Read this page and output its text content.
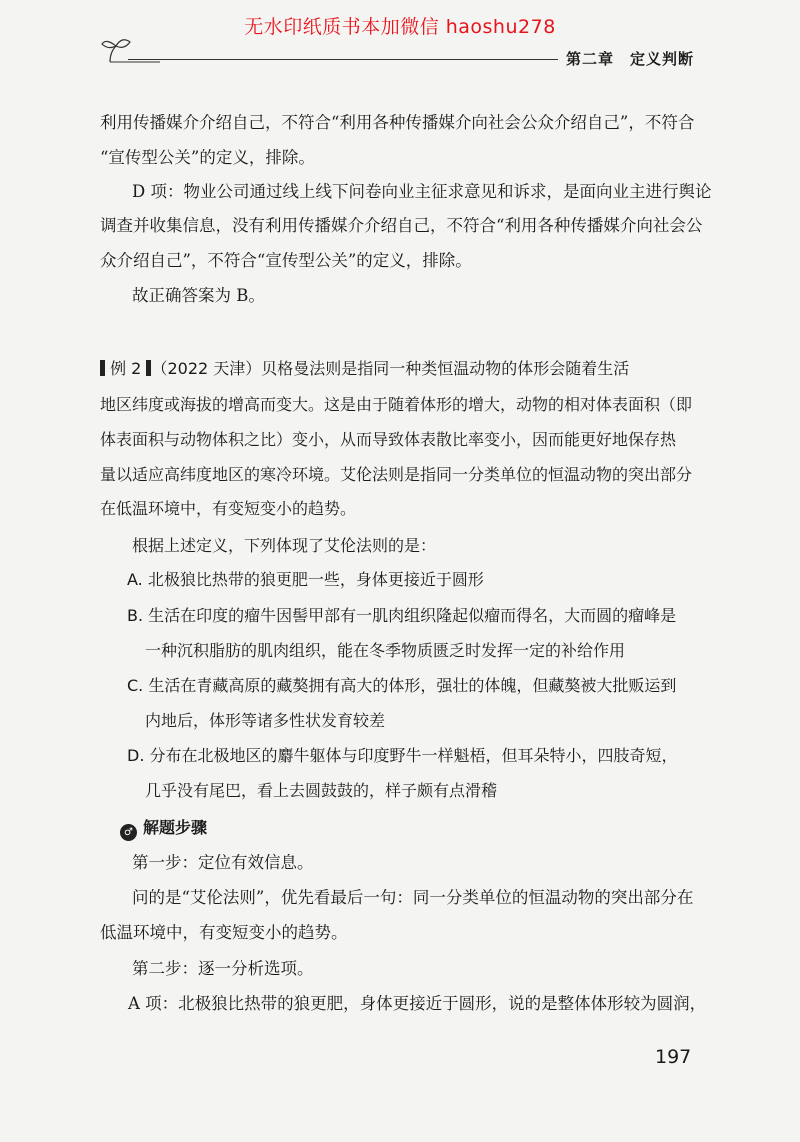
无水印纸质书本加微信 haoshu278
第二章 定义判断
利用传播媒介介绍自己，不符合“利用各种传播媒介向社会公众介绍自己”，不符合
“宣传型公关”的定义，排除。
D 项：物业公司通过线上线下问卷向业主征求意见和诉求，是面向业主进行舆论
调查并收集信息，没有利用传播媒介介绍自己，不符合“利用各种传播媒介向社会公
众介绍自己”，不符合“宣传型公关”的定义，排除。
故正确答案为 B。
例 2 （2022 天津）贝格曼法则是指同一种类恒温动物的体形会随着生活
地区纬度或海拔的增高而变大。这是由于随着体形的增大，动物的相对体表面积（即
体表面积与动物体积之比）变小，从而导致体表散比率变小，因而能更好地保存热
量以适应高纬度地区的寒冷环境。艾伦法则是指同一分类单位的恒温动物的突出部分
在低温环境中，有变短变小的趋势。
根据上述定义，下列体现了艾伦法则的是：
A. 北极狼比热带的狼更肥一些，身体更接近于圆形
B. 生活在印度的瘤牛因髻甲部有一肌肉组织隆起似瘤而得名，大而圆的瘤峰是
一种沉积脂肪的肌肉组织，能在冬季物质匮乏时发挥一定的补给作用
C. 生活在青藏高原的藏獒拥有高大的体形，强壮的体魄，但藏獒被大批贩运到
内地后，体形等诸多性状发育较差
D. 分布在北极地区的麝牛躯体与印度野牛一样魁梧，但耳朵特小，四肢奇短，
几乎没有尾巴，看上去圆鼓鼓的，样子颇有点滑稽
♂ 解题步骤
第一步：定位有效信息。
问的是“艾伦法则”，优先看最后一句：同一分类单位的恒温动物的突出部分在
低温环境中，有变短变小的趋势。
第二步：逐一分析选项。
A 项：北极狼比热带的狼更肥，身体更接近于圆形，说的是整体体形较为圆润，
197
